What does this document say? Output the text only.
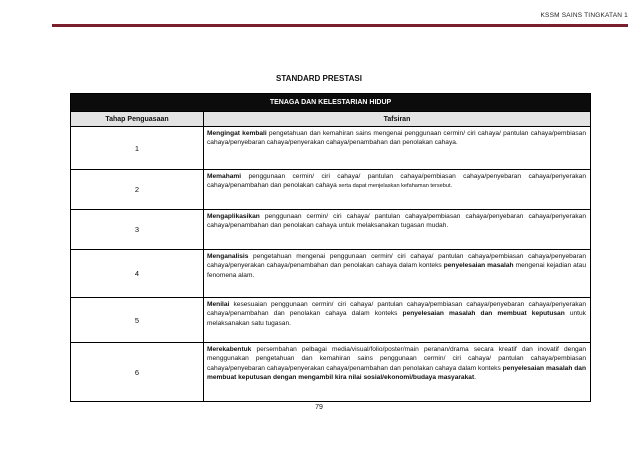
KSSM SAINS TINGKATAN 1
STANDARD PRESTASI
TENAGA DAN KELESTARIAN HIDUP	
Tahap Penguasaan	Tafsiran
1	Mengingat kembali pengetahuan dan kemahiran sains mengenai penggunaan cermin/ ciri cahaya/ pantulan cahaya/pembiasan cahaya/penyebaran cahaya/penyerakan cahaya/penambahan dan penolakan cahaya.
2	Memahami penggunaan cermin/ ciri cahaya/ pantulan cahaya/pembiasan cahaya/penyebaran cahaya/penyerakan cahaya/penambahan dan penolakan cahaya serta dapat menjelaskan kefahaman tersebut.
3	Mengaplikasikan penggunaan cermin/ ciri cahaya/ pantulan cahaya/pembiasan cahaya/penyebaran cahaya/penyerakan cahaya/penambahan dan penolakan cahaya untuk melaksanakan tugasan mudah.
4	Menganalisis pengetahuan mengenai penggunaan cermin/ ciri cahaya/ pantulan cahaya/pembiasan cahaya/penyebaran cahaya/penyerakan cahaya/penambahan dan penolakan cahaya dalam konteks penyelesaian masalah mengenai kejadian atau fenomena alam.
5	Menilai kesesuaian penggunaan cermin/ ciri cahaya/ pantulan cahaya/pembiasan cahaya/penyebaran cahaya/penyerakan cahaya/penambahan dan penolakan cahaya dalam konteks penyelesaian masalah dan membuat keputusan untuk melaksanakan satu tugasan.
6	Merekabentuk persembahan pelbagai media/visual/folio/poster/main peranan/drama secara kreatif dan inovatif dengan menggunakan pengetahuan dan kemahiran sains penggunaan cermin/ ciri cahaya/ pantulan cahaya/pembiasan cahaya/penyebaran cahaya/penyerakan cahaya/penambahan dan penolakan cahaya dalam konteks penyelesaian masalah dan membuat keputusan dengan mengambil kira nilai sosial/ekonomi/budaya masyarakat.
79
